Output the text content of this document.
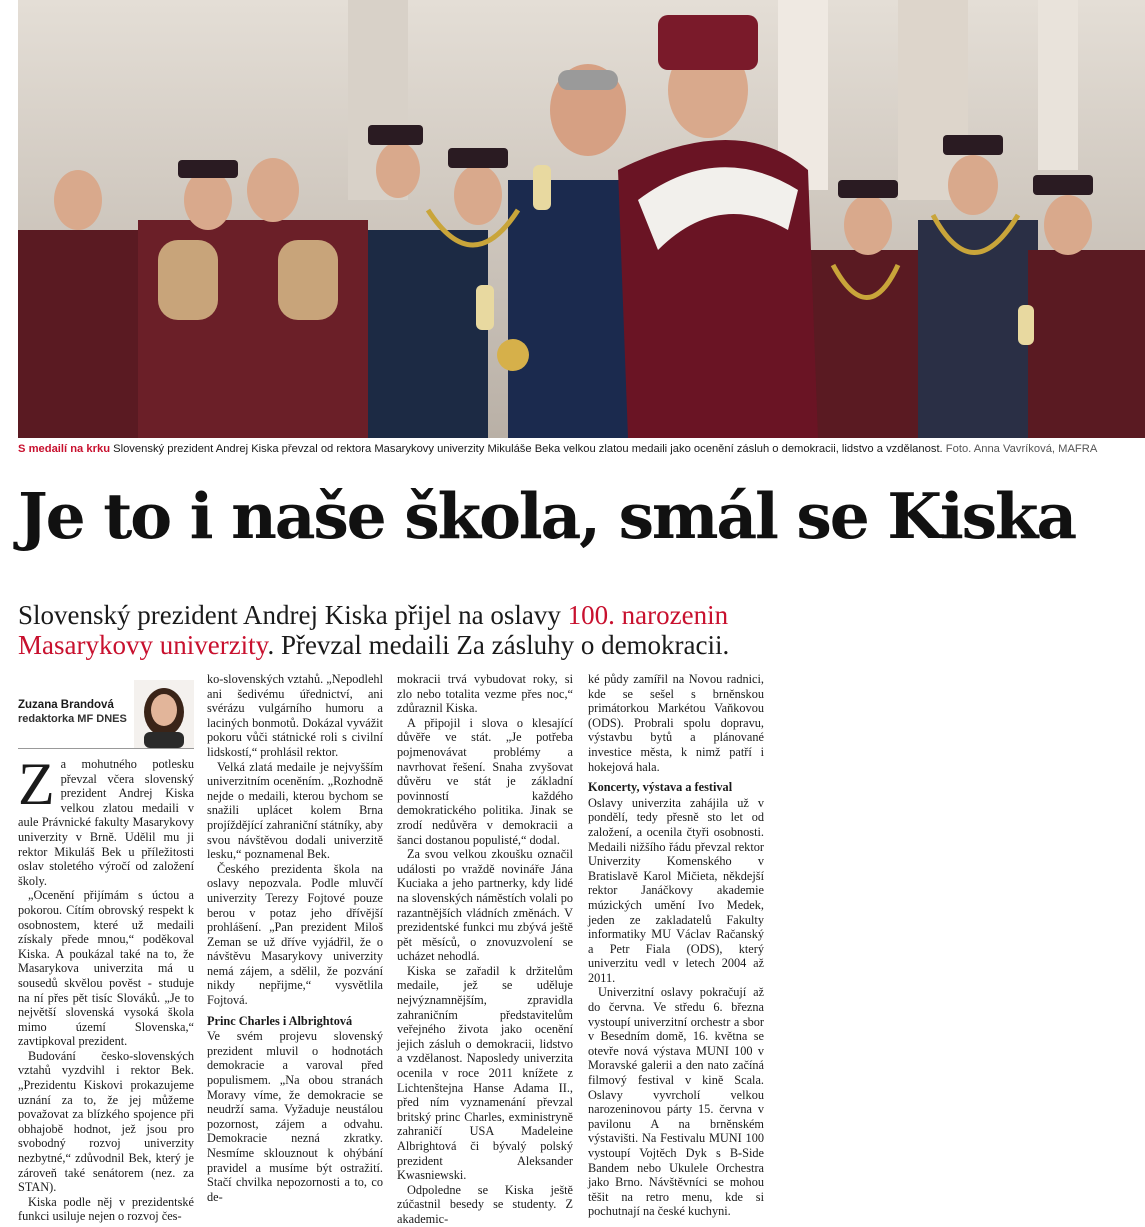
S medailí na krku Slovenský prezident Andrej Kiska převzal od rektora Masarykovy univerzity Mikuláše Beka velkou zlatou medaili jako ocenění zásluh o demokracii, lidstvo a vzdělanost. Foto. Anna Vavríková, MAFRA
Je to i naše škola, smál se Kiska

Slovenský prezident Andrej Kiska přijel na oslavy 100. narozenin Masarykovy univerzity. Převzal medaili Za zásluhy o demokracii.

Zuzana Brandová
redaktorka MF DNES

Za mohutného potlesku převzal včera slovenský prezident Andrej Kiska velkou zlatou medaili v aule Právnické fakulty Masarykovy univerzity v Brně. Udělil mu ji rektor Mikuláš Bek u příležitosti oslav stoletého výročí od založení školy.

„Ocenění přijímám s úctou a pokorou. Cítím obrovský respekt k osobnostem, které už medaili získaly přede mnou,“ poděkoval Kiska. A poukázal také na to, že Masarykova univerzita má u sousedů skvělou pověst - studuje na ní přes pět tisíc Slováků. „Je to největší slovenská vysoká škola mimo území Slovenska,“ zavtipkoval prezident.

Budování česko-slovenských vztahů vyzdvihl i rektor Bek. „Prezidentu Kiskovi prokazujeme uznání za to, že jej můžeme považovat za blízkého spojence při obhajobě hodnot, jež jsou pro svobodný rozvoj univerzity nezbytné,“ zdůvodnil Bek, který je zároveň také senátorem (nez. za STAN).

Kiska podle něj v prezidentské funkci usiluje nejen o rozvoj čes-

ko-slovenských vztahů. „Nepodlehl ani šedivému úřednictví, ani svérázu vulgárního humoru a laciných bonmotů. Dokázal vyvážit pokoru vůči státnické roli s civilní lidskostí,“ prohlásil rektor.

Velká zlatá medaile je nejvyšším univerzitním oceněním. „Rozhodně nejde o medaili, kterou bychom se snažili uplácet kolem Brna projíždějící zahraniční státníky, aby svou návštěvou dodali univerzitě lesku,“ poznamenal Bek.

Českého prezidenta škola na oslavy nepozvala. Podle mluvčí univerzity Terezy Fojtové pouze berou v potaz jeho dřívější prohlášení. „Pan prezident Miloš Zeman se už dříve vyjádřil, že o návštěvu Masarykovy univerzity nemá zájem, a sdělil, že pozvání nikdy nepřijme,“ vysvětlila Fojtová.

Princ Charles i Albrightová

Ve svém projevu slovenský prezident mluvil o hodnotách demokracie a varoval před populismem. „Na obou stranách Moravy víme, že demokracie se neudrží sama. Vyžaduje neustálou pozornost, zájem a odvahu. Demokracie nezná zkratky. Nesmíme sklouznout k ohýbání pravidel a musíme být ostražití. Stačí chvilka nepozornosti a to, co de-

mokracii trvá vybudovat roky, si zlo nebo totalita vezme přes noc,“ zdůraznil Kiska.

A připojil i slova o klesající důvěře ve stát. „Je potřeba pojmenovávat problémy a navrhovat řešení. Snaha zvyšovat důvěru ve stát je základní povinností každého demokratického politika. Jinak se zrodí nedůvěra v demokracii a šanci dostanou populisté,“ dodal.

Za svou velkou zkoušku označil události po vraždě novináře Jána Kuciaka a jeho partnerky, kdy lidé na slovenských náměstích volali po razantnějších vládních změnách. V prezidentské funkci mu zbývá ještě pět měsíců, o znovuzvolení se ucházet nehodlá.

Kiska se zařadil k držitelům medaile, jež se uděluje nejvýznamnějším, zpravidla zahraničním představitelům veřejného života jako ocenění jejich zásluh o demokracii, lidstvo a vzdělanost. Naposledy univerzita ocenila v roce 2011 knížete z Lichtenštejna Hanse Adama II., před ním vyznamenání převzal britský princ Charles, exministryně zahraničí USA Madeleine Albrightová či bývalý polský prezident Aleksander Kwasniewski.

Odpoledne se Kiska ještě zúčastnil besedy se studenty. Z akademic-

ké půdy zamířil na Novou radnici, kde se sešel s brněnskou primátorkou Markétou Vaňkovou (ODS). Probrali spolu dopravu, výstavbu bytů a plánované investice města, k nimž patří i hokejová hala.

Koncerty, výstava a festival

Oslavy univerzita zahájila už v pondělí, tedy přesně sto let od založení, a ocenila čtyři osobnosti. Medaili nižšího řádu převzal rektor Univerzity Komenského v Bratislavě Karol Mičieta, někdejší rektor Janáčkovy akademie múzických umění Ivo Medek, jeden ze zakladatelů Fakulty informatiky MU Václav Račanský a Petr Fiala (ODS), který univerzitu vedl v letech 2004 až 2011.

Univerzitní oslavy pokračují až do června. Ve středu 6. března vystoupí univerzitní orchestr a sbor v Besedním domě, 16. května se otevře nová výstava MUNI 100 v Moravské galerii a den nato začíná filmový festival v kině Scala. Oslavy vyvrcholí velkou narozeninovou párty 15. června v pavilonu A na brněnském výstavišti. Na Festivalu MUNI 100 vystoupí Vojtěch Dyk s B-Side Bandem nebo Ukulele Orchestra jako Brno. Návštěvníci se mohou těšit na retro menu, kde si pochutnají na české kuchyni.
